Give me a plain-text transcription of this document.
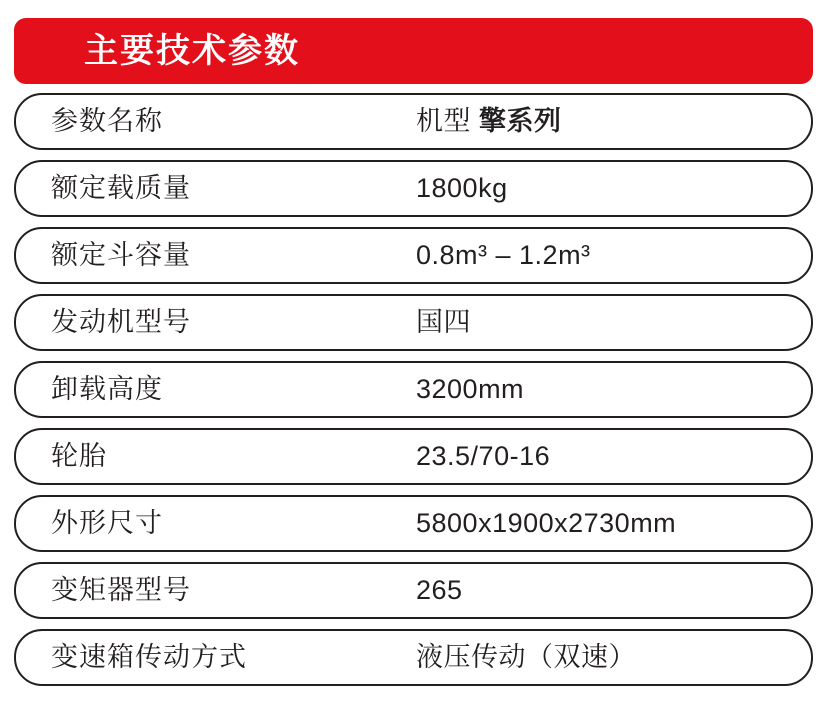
主要技术参数
参数名称	机型 擎系列
额定载质量	1800kg
额定斗容量	0.8m³ – 1.2m³
发动机型号	国四
卸载高度	3200mm
轮胎	23.5/70-16
外形尺寸	5800x1900x2730mm
变矩器型号	265
变速箱传动方式	液压传动（双速）
